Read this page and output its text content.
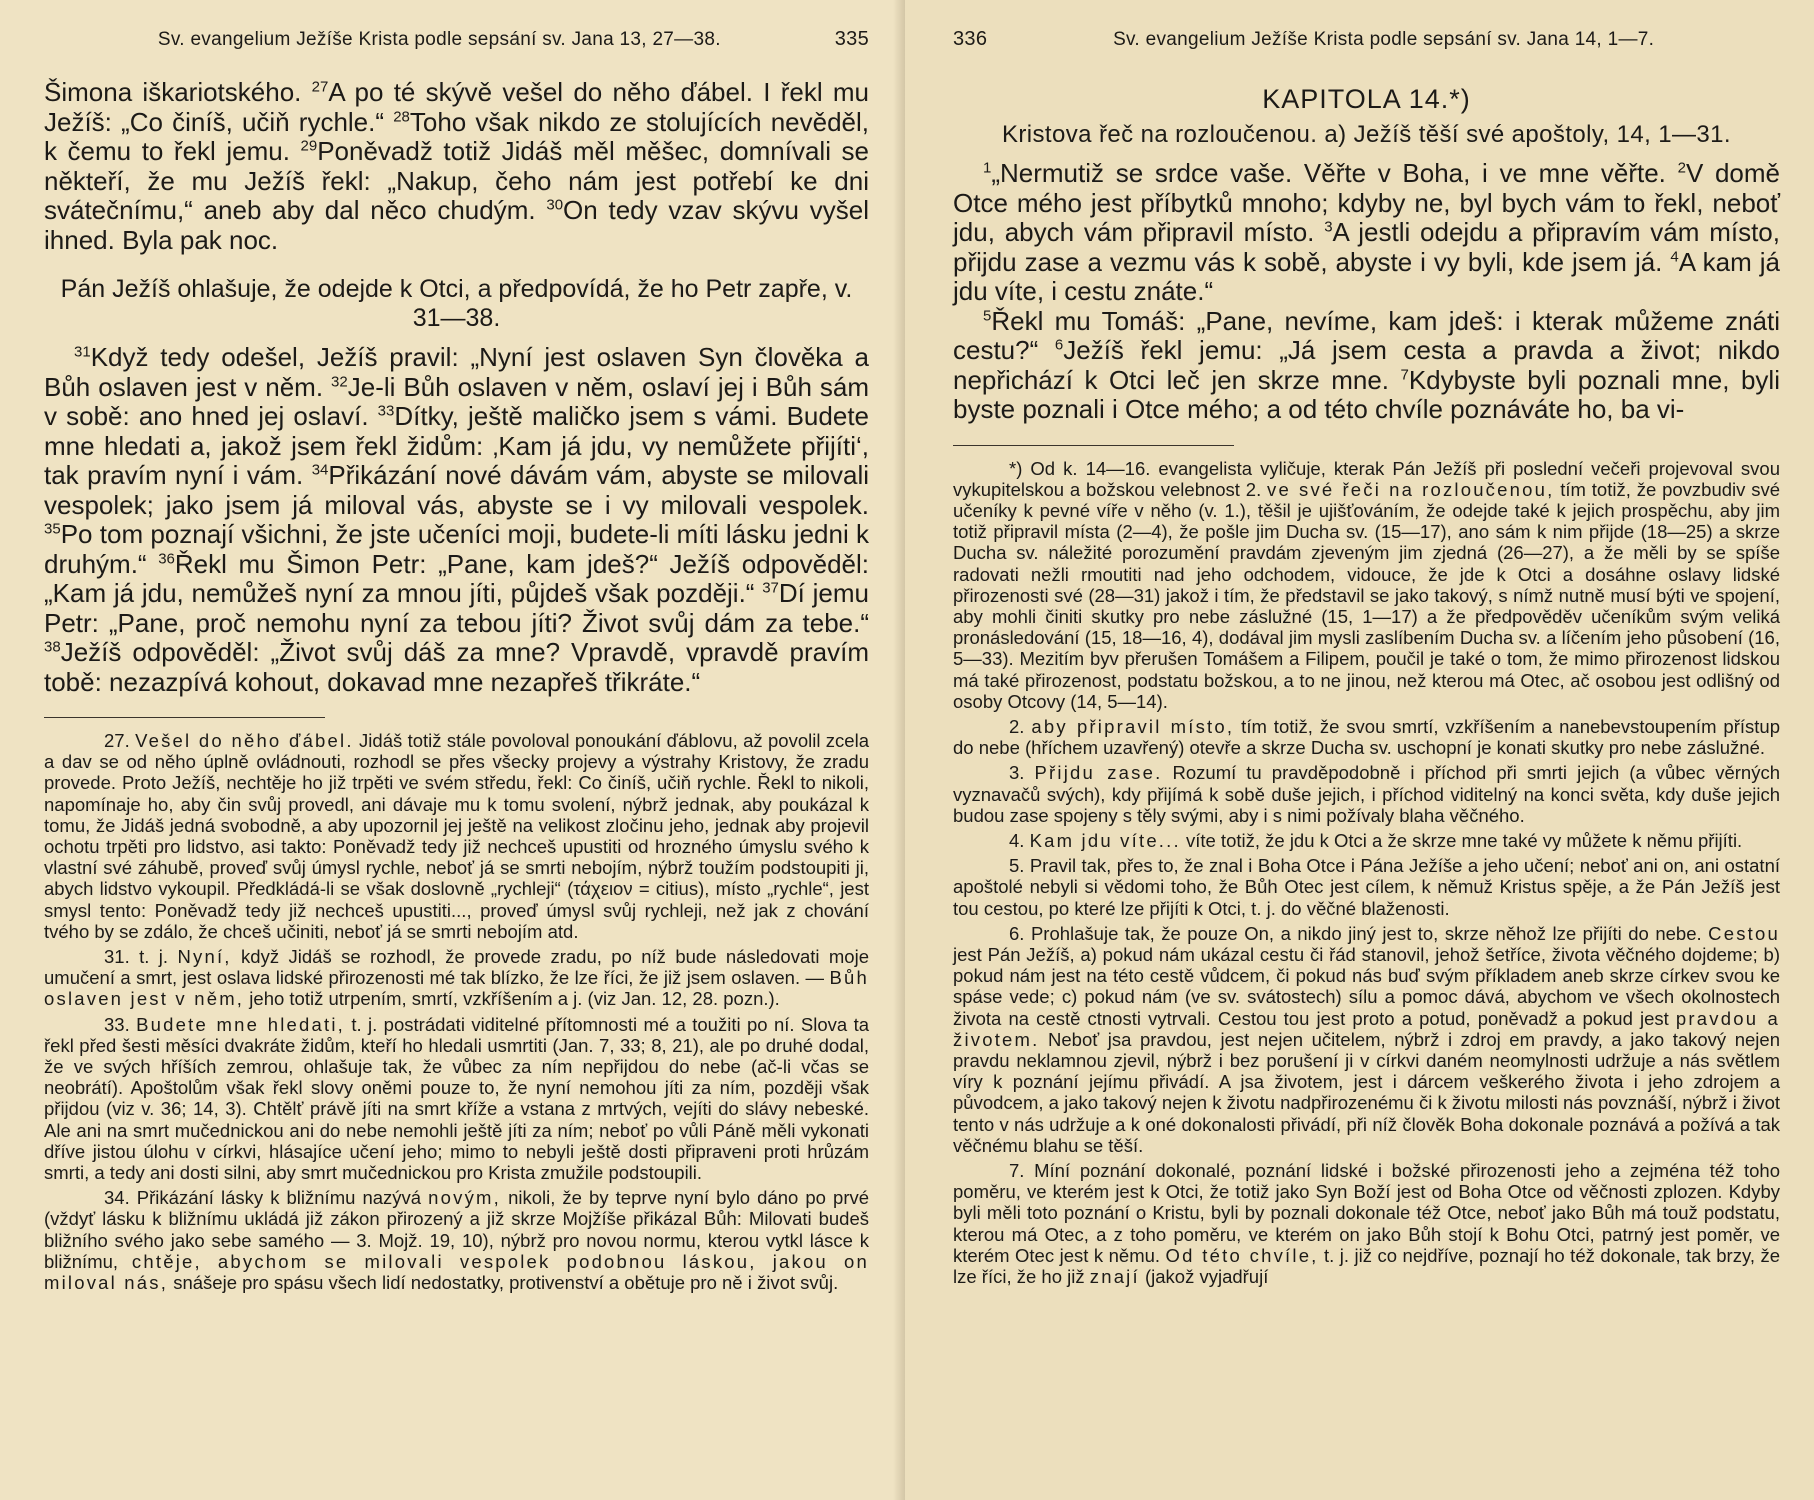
Sv. evangelium Ježíše Krista podle sepsání sv. Jana 13, 27—38.	335

Šimona iškariotského. $^{27}$A po té skývě vešel do něho ďábel. I řekl mu Ježíš: „Co činíš, učiň rychle.“ $^{28}$Toho však nikdo ze stolujících nevěděl, k čemu to řekl jemu. $^{29}$Poněvadž totiž Jidáš měl měšec, domnívali se někteří, že mu Ježíš řekl: „Nakup, čeho nám jest potřebí ke dni svátečnímu,“ aneb aby dal něco chudým. $^{30}$On tedy vzav skývu vyšel ihned. Byla pak noc.

Pán Ježíš ohlašuje, že odejde k Otci, a předpovídá, že ho Petr zapře, v. 31—38.

$^{31}$Když tedy odešel, Ježíš pravil: „Nyní jest oslaven Syn člověka a Bůh oslaven jest v něm. $^{32}$Je-li Bůh oslaven v něm, oslaví jej i Bůh sám v sobě: ano hned jej oslaví. $^{33}$Dítky, ještě maličko jsem s vámi. Budete mne hledati a, jakož jsem řekl židům: ‚Kam já jdu, vy nemůžete přijíti‘, tak pravím nyní i vám. $^{34}$Přikázání nové dávám vám, abyste se milovali vespolek; jako jsem já miloval vás, abyste se i vy milovali vespolek. $^{35}$Po tom poznají všichni, že jste učeníci moji, budete-li míti lásku jedni k druhým.“ $^{36}$Řekl mu Šimon Petr: „Pane, kam jdeš?“ Ježíš odpověděl: „Kam já jdu, nemůžeš nyní za mnou jíti, půjdeš však později.“ $^{37}$Dí jemu Petr: „Pane, proč nemohu nyní za tebou jíti? Život svůj dám za tebe.“ $^{38}$Ježíš odpověděl: „Život svůj dáš za mne? Vpravdě, vpravdě pravím tobě: nezazpívá kohout, dokavad mne nezapřeš třikráte.“

27. Vešel do něho ďábel. Jidáš totiž stále povoloval ponoukání ďáblovu, až povolil zcela a dav se od něho úplně ovládnouti, rozhodl se přes všecky projevy a výstrahy Kristovy, že zradu provede. Proto Ježíš, nechtěje ho již trpěti ve svém středu, řekl: Co činíš, učiň rychle. Řekl to nikoli, napomínaje ho, aby čin svůj provedl, ani dávaje mu k tomu svolení, nýbrž jednak, aby poukázal k tomu, že Jidáš jedná svobodně, a aby upozornil jej ještě na velikost zločinu jeho, jednak aby projevil ochotu trpěti pro lidstvo, asi takto: Poněvadž tedy již nechceš upustiti od hrozného úmyslu svého k vlastní své záhubě, proveď svůj úmysl rychle, neboť já se smrti nebojím, nýbrž toužím podstoupiti ji, abych lidstvo vykoupil. Předkládá-li se však doslovně „rychleji“ (τάχειον = citius), místo „rychle“, jest smysl tento: Poněvadž tedy již nechceš upustiti..., proveď úmysl svůj rychleji, než jak z chování tvého by se zdálo, že chceš učiniti, neboť já se smrti nebojím atd.

31. t. j. Nyní, když Jidáš se rozhodl, že provede zradu, po níž bude následovati moje umučení a smrt, jest oslava lidské přirozenosti mé tak blízko, že lze říci, že již jsem oslaven. — Bůh oslaven jest v něm, jeho totiž utrpením, smrtí, vzkříšením a j. (viz Jan. 12, 28. pozn.).

33. Budete mne hledati, t. j. postrádati viditelné přítomnosti mé a toužiti po ní. Slova ta řekl před šesti měsíci dvakráte židům, kteří ho hledali usmrtiti (Jan. 7, 33; 8, 21), ale po druhé dodal, že ve svých hříších zemrou, ohlašuje tak, že vůbec za ním nepřijdou do nebe (ač-li včas se neobrátí). Apoštolům však řekl slovy oněmi pouze to, že nyní nemohou jíti za ním, později však přijdou (viz v. 36; 14, 3). Chtělť právě jíti na smrt kříže a vstana z mrtvých, vejíti do slávy nebeské. Ale ani na smrt mučednickou ani do nebe nemohli ještě jíti za ním; neboť po vůli Páně měli vykonati dříve jistou úlohu v církvi, hlásajíce učení jeho; mimo to nebyli ještě dosti připraveni proti hrůzám smrti, a tedy ani dosti silni, aby smrt mučednickou pro Krista zmužile podstoupili.

34. Přikázání lásky k bližnímu nazývá novým, nikoli, že by teprve nyní bylo dáno po prvé (vždyť lásku k bližnímu ukládá již zákon přirozený a již skrze Mojžíše přikázal Bůh: Milovati budeš bližního svého jako sebe samého — 3. Mojž. 19, 10), nýbrž pro novou normu, kterou vytkl lásce k bližnímu, chtěje, abychom se milovali vespolek podobnou láskou, jakou on miloval nás, snášeje pro spásu všech lidí nedostatky, protivenství a obětuje pro ně i život svůj.

336	Sv. evangelium Ježíše Krista podle sepsání sv. Jana 14, 1—7.
KAPITOLA 14.*)
Kristova řeč na rozloučenou. a) Ježíš těší své apoštoly, 14, 1—31.

$^1$„Nermutiž se srdce vaše. Věřte v Boha, i ve mne věřte. $^2$V domě Otce mého jest příbytků mnoho; kdyby ne, byl bych vám to řekl, neboť jdu, abych vám připravil místo. $^3$A jestli odejdu a připravím vám místo, přijdu zase a vezmu vás k sobě, abyste i vy byli, kde jsem já. $^4$A kam já jdu víte, i cestu znáte.“

$^5$Řekl mu Tomáš: „Pane, nevíme, kam jdeš: i kterak můžeme znáti cestu?“ $^6$Ježíš řekl jemu: „Já jsem cesta a pravda a život; nikdo nepřichází k Otci leč jen skrze mne. $^7$Kdybyste byli poznali mne, byli byste poznali i Otce mého; a od této chvíle poznáváte ho, ba vi-

*) Od k. 14—16. evangelista vyličuje, kterak Pán Ježíš při poslední večeři projevoval svou vykupitelskou a božskou velebnost 2. ve své řeči na rozloučenou, tím totiž, že povzbudiv své učeníky k pevné víře v něho (v. 1.), těšil je ujišťováním, že odejde také k jejich prospěchu, aby jim totiž připravil místa (2—4), že pošle jim Ducha sv. (15—17), ano sám k nim přijde (18—25) a skrze Ducha sv. náležité porozumění pravdám zjeveným jim zjedná (26—27), a že měli by se spíše radovati nežli rmoutiti nad jeho odchodem, vidouce, že jde k Otci a dosáhne oslavy lidské přirozenosti své (28—31) jakož i tím, že představil se jako takový, s nímž nutně musí býti ve spojení, aby mohli činiti skutky pro nebe záslužné (15, 1—17) a že předpověděv učeníkům svým veliká pronásledování (15, 18—16, 4), dodával jim mysli zaslíbením Ducha sv. a líčením jeho působení (16, 5—33). Mezitím byv přerušen Tomášem a Filipem, poučil je také o tom, že mimo přirozenost lidskou má také přirozenost, podstatu božskou, a to ne jinou, než kterou má Otec, ač osobou jest odlišný od osoby Otcovy (14, 5—14).

2. aby připravil místo, tím totiž, že svou smrtí, vzkříšením a nanebevstoupením přístup do nebe (hříchem uzavřený) otevře a skrze Ducha sv. uschopní je konati skutky pro nebe záslužné.

3. Přijdu zase. Rozumí tu pravděpodobně i příchod při smrti jejich (a vůbec věrných vyznavačů svých), kdy přijímá k sobě duše jejich, i příchod viditelný na konci světa, kdy duše jejich budou zase spojeny s těly svými, aby i s nimi požívaly blaha věčného.

4. Kam jdu víte... víte totiž, že jdu k Otci a že skrze mne také vy můžete k němu přijíti.

5. Pravil tak, přes to, že znal i Boha Otce i Pána Ježíše a jeho učení; neboť ani on, ani ostatní apoštolé nebyli si vědomi toho, že Bůh Otec jest cílem, k němuž Kristus spěje, a že Pán Ježíš jest tou cestou, po které lze přijíti k Otci, t. j. do věčné blaženosti.

6. Prohlašuje tak, že pouze On, a nikdo jiný jest to, skrze něhož lze přijíti do nebe. Cestou jest Pán Ježíš, a) pokud nám ukázal cestu či řád stanovil, jehož šetříce, života věčného dojdeme; b) pokud nám jest na této cestě vůdcem, či pokud nás buď svým příkladem aneb skrze církev svou ke spáse vede; c) pokud nám (ve sv. svátostech) sílu a pomoc dává, abychom ve všech okolnostech života na cestě ctnosti vytrvali. Cestou tou jest proto a potud, poněvadž a pokud jest pravdou a životem. Neboť jsa pravdou, jest nejen učitelem, nýbrž i zdroj em pravdy, a jako takový nejen pravdu neklamnou zjevil, nýbrž i bez porušení ji v církvi daném neomylnosti udržuje a nás světlem víry k poznání jejímu přivádí. A jsa životem, jest i dárcem veškerého života i jeho zdrojem a původcem, a jako takový nejen k životu nadpřirozenému či k životu milosti nás povznáší, nýbrž i život tento v nás udržuje a k oné dokonalosti přivádí, při níž člověk Boha dokonale poznává a požívá a tak věčnému blahu se těší.

7. Míní poznání dokonalé, poznání lidské i božské přirozenosti jeho a zejména též toho poměru, ve kterém jest k Otci, že totiž jako Syn Boží jest od Boha Otce od věčnosti zplozen. Kdyby byli měli toto poznání o Kristu, byli by poznali dokonale též Otce, neboť jako Bůh má touž podstatu, kterou má Otec, a z toho poměru, ve kterém on jako Bůh stojí k Bohu Otci, patrný jest poměr, ve kterém Otec jest k němu. Od této chvíle, t. j. již co nejdříve, poznají ho též dokonale, tak brzy, že lze říci, že ho již znají (jakož vyjadřují
